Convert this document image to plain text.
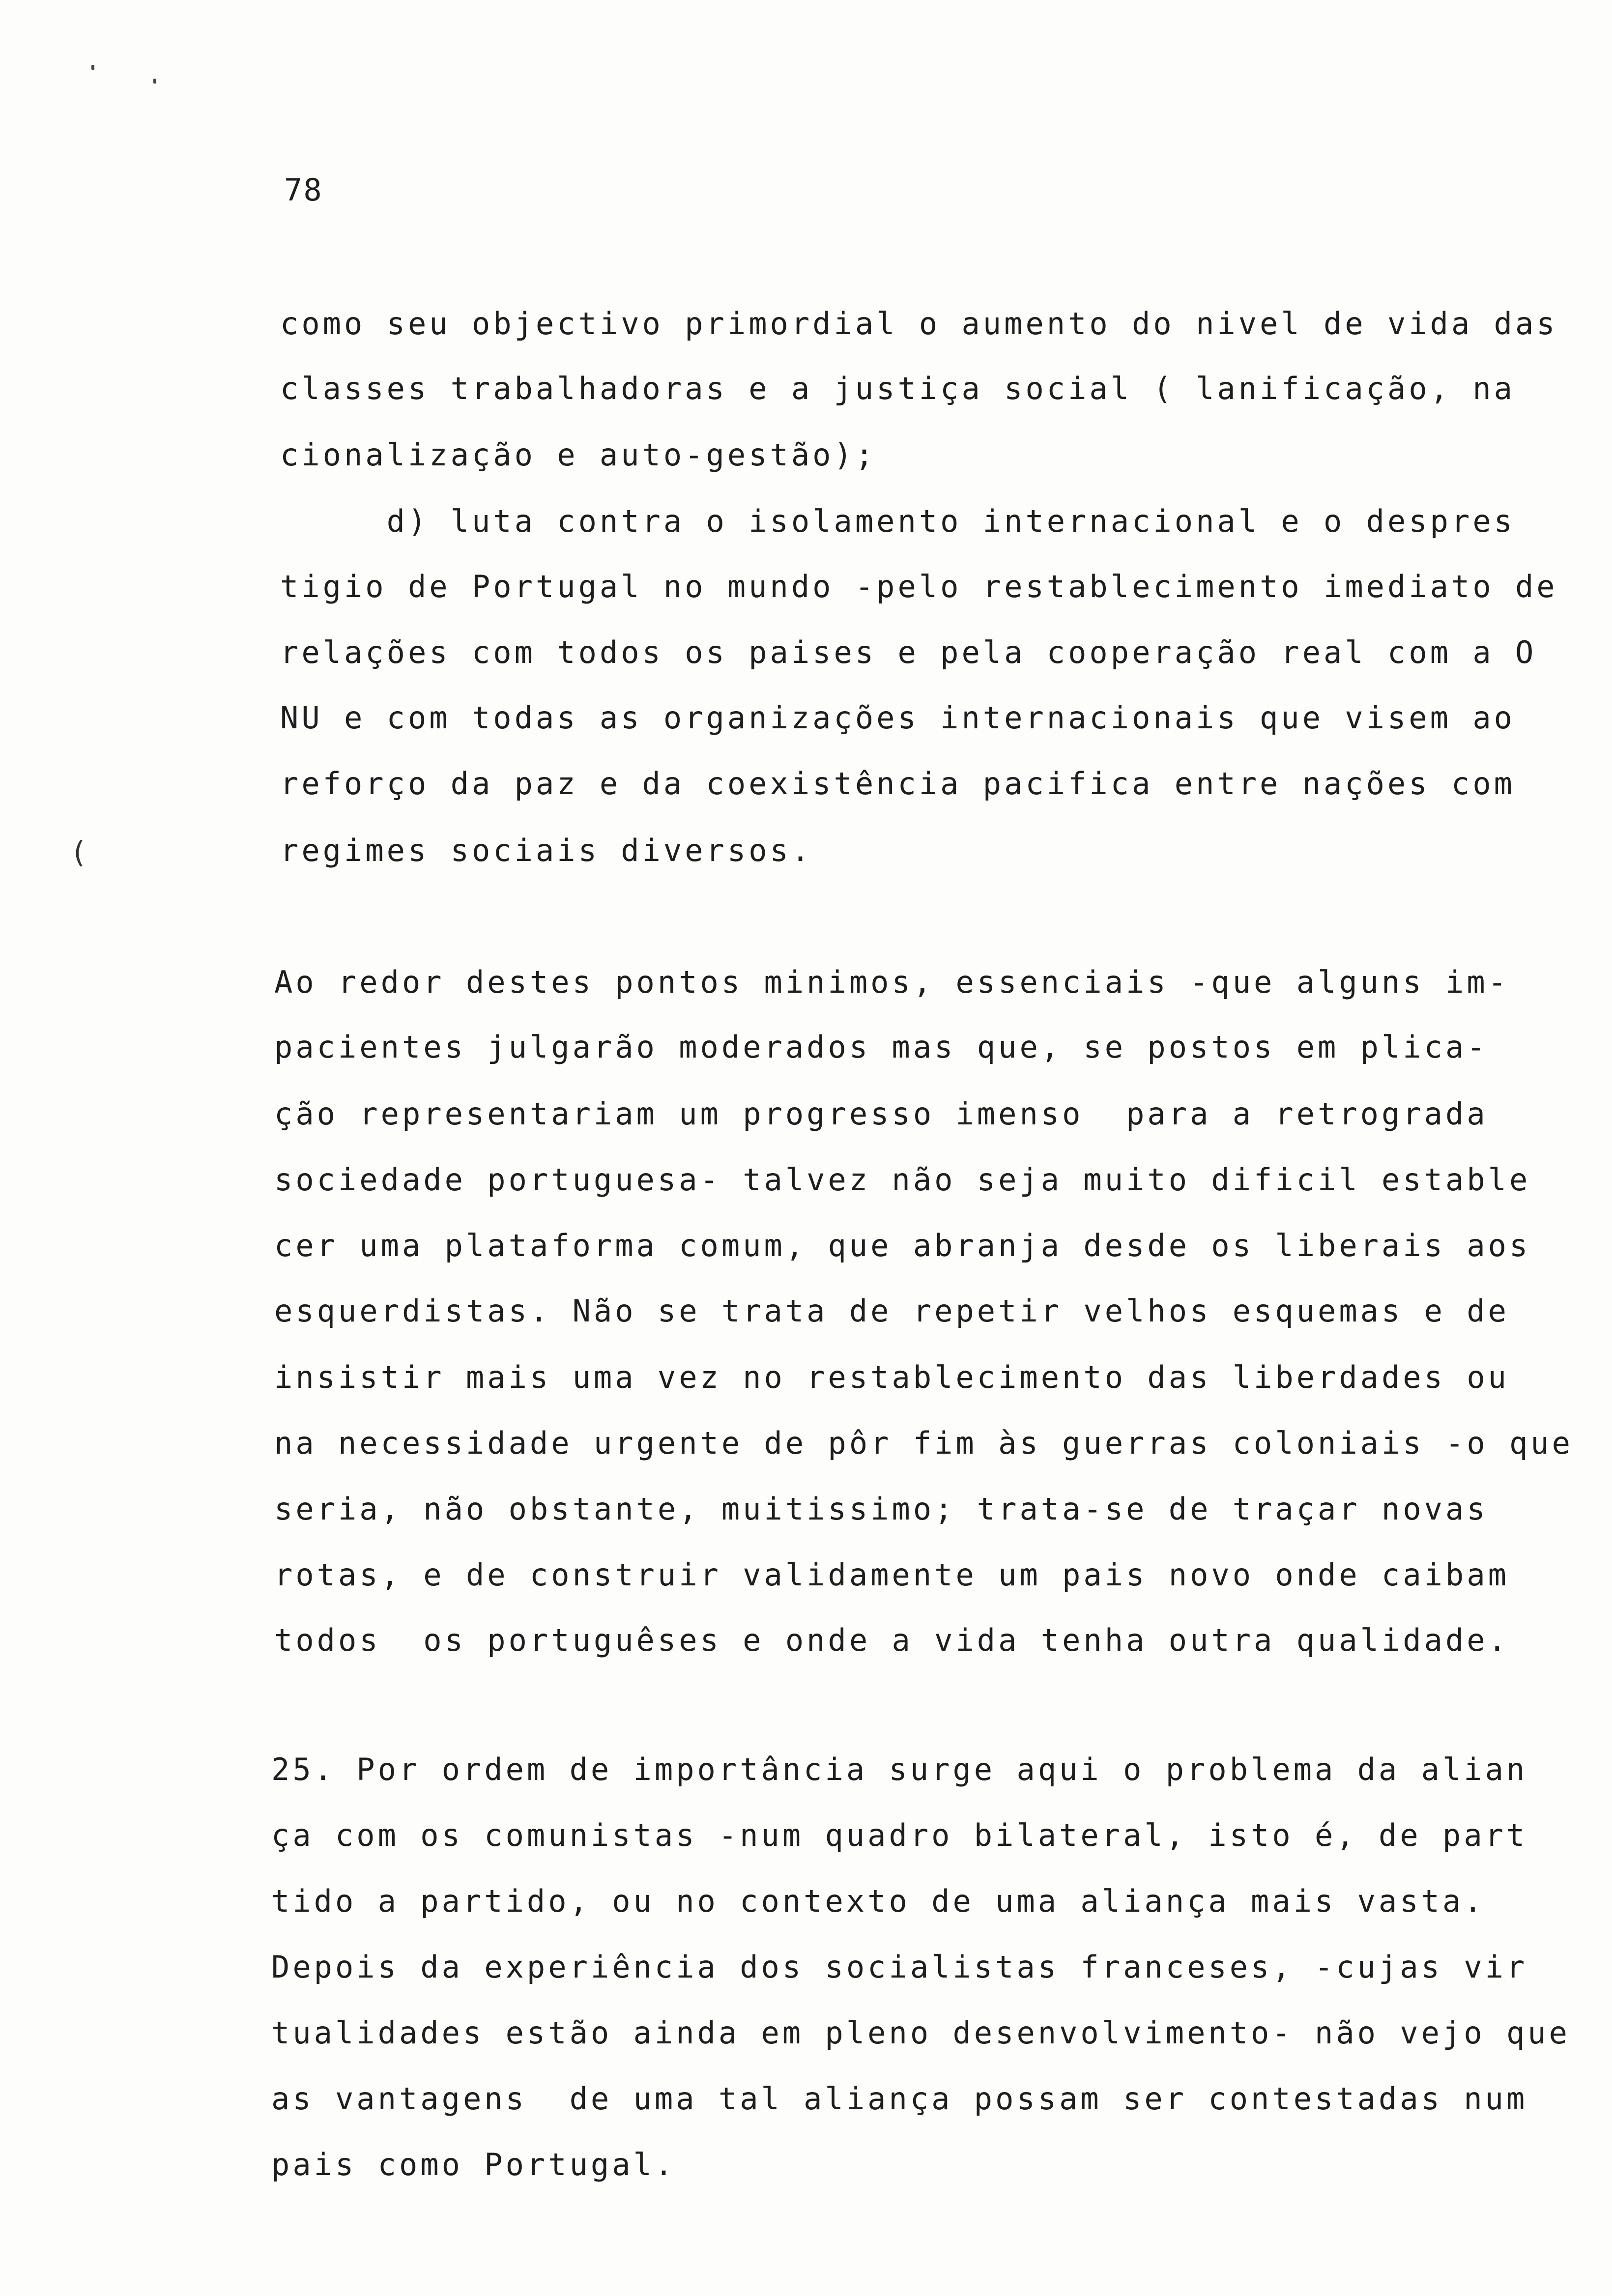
78
como seu objectivo primordial o aumento do nivel de vida das
classes trabalhadoras e a justiça social ( lanificação, na
cionalização e auto-gestão);
d) luta contra o isolamento internacional e o despres
tigio de Portugal no mundo -pelo restablecimento imediato de
relações com todos os paises e pela cooperação real com a O
NU e com todas as organizações internacionais que visem ao
reforço da paz e da coexistência pacifica entre nações com
regimes sociais diversos.
(
Ao redor destes pontos minimos, essenciais -que alguns im-
pacientes julgarão moderados mas que, se postos em plica-
ção representariam um progresso imenso  para a retrograda
sociedade portuguesa- talvez não seja muito dificil estable
cer uma plataforma comum, que abranja desde os liberais aos
esquerdistas. Não se trata de repetir velhos esquemas e de
insistir mais uma vez no restablecimento das liberdades ou
na necessidade urgente de pôr fim às guerras coloniais -o que
seria, não obstante, muitissimo; trata-se de traçar novas
rotas, e de construir validamente um pais novo onde caibam
todos  os portuguêses e onde a vida tenha outra qualidade.
25. Por ordem de importância surge aqui o problema da alian
ça com os comunistas -num quadro bilateral, isto é, de part
tido a partido, ou no contexto de uma aliança mais vasta.
Depois da experiência dos socialistas franceses, -cujas vir
tualidades estão ainda em pleno desenvolvimento- não vejo que
as vantagens  de uma tal aliança possam ser contestadas num
pais como Portugal.
